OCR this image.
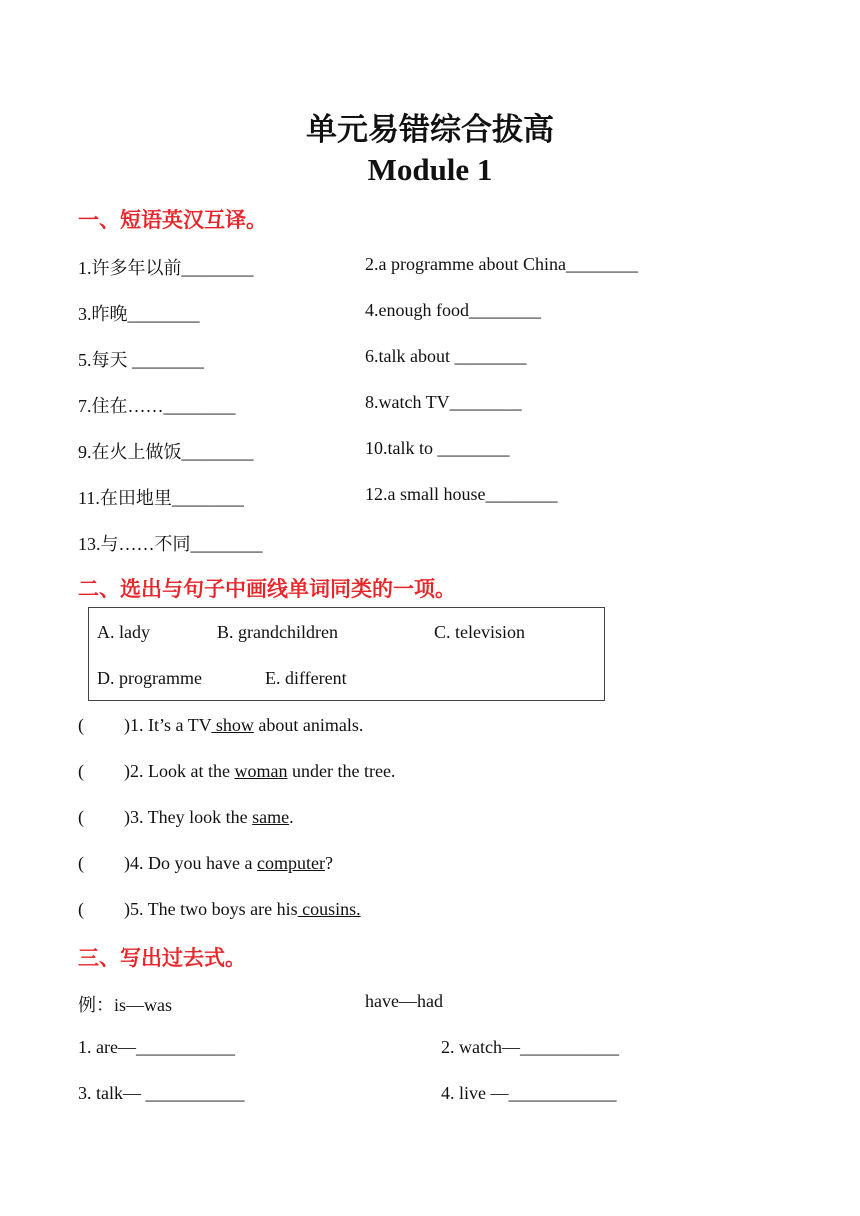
单元易错综合拔高
Module 1
一、短语英汉互译。
1.许多年以前________	2.a programme about China________
3.昨晚________	4.enough food________
5.每天 ________	6.talk about ________
7.住在……________	8.watch TV________
9.在火上做饭________	10.talk to ________
11.在田地里________	12.a small house________
13.与……不同________
二、选出与句子中画线单词同类的一项。
A. lady	B. grandchildren	C. television
D. programme	E. different
( )1. It’s a TV show about animals.
( )2. Look at the woman under the tree.
( )3. They look the same.
( )4. Do you have a computer?
( )5. The two boys are his cousins.
三、写出过去式。
例：is—was	have—had
1. are—___________	2. watch—___________
3. talk— ___________	4. live —____________
